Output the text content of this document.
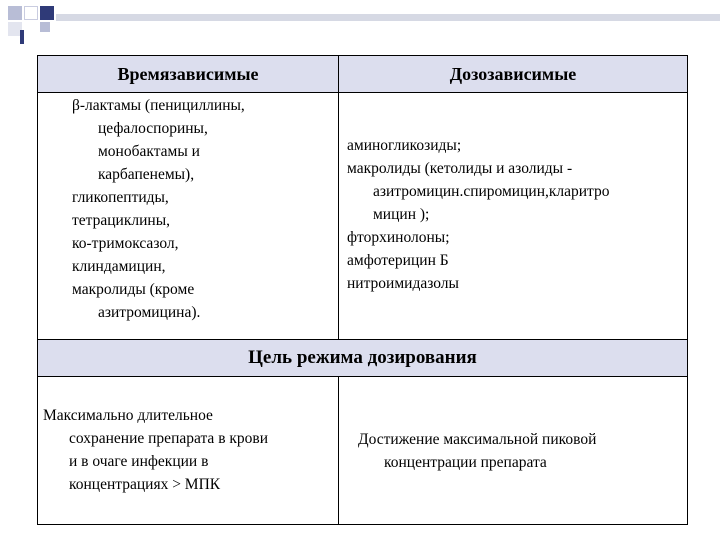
Времязависимые	Дозозависимые
β-лактамы (пенициллины,
цефалоспорины,
монобактамы и
карбапенемы),
гликопептиды,
тетрациклины,
ко-тримоксазол,
клиндамицин,
макролиды (кроме
азитромицина).
аминогликозиды;
макролиды (кетолиды и азолиды -
азитромицин.спиромицин,кларитро
мицин );
фторхинолоны;
амфотерицин Б
нитроимидазолы
Цель режима дозирования
Максимально длительное
сохранение препарата в крови
и в очаге инфекции в
концентрациях > МПК
Достижение максимальной пиковой
концентрации препарата
